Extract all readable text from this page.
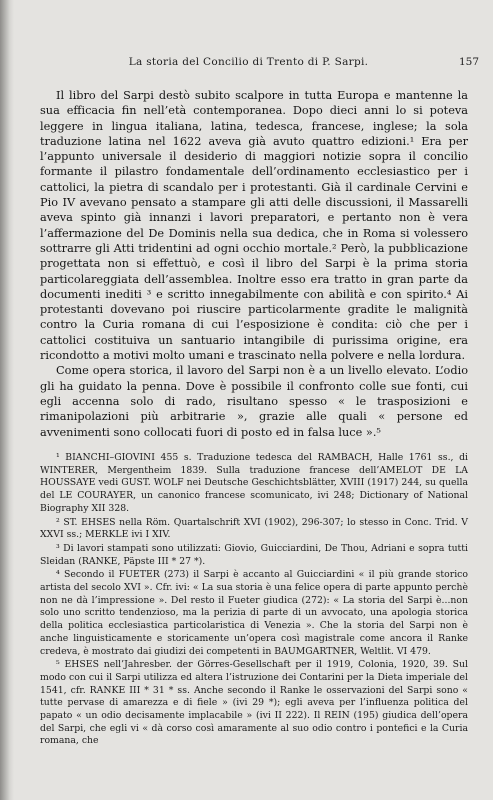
La storia del Concilio di Trento di P. Sarpi.	157

Il libro del Sarpi destò subito scalpore in tutta Europa e mantenne la sua efficacia fin nell’età contemporanea. Dopo dieci anni lo si poteva leggere in lingua italiana, latina, tedesca, francese, inglese; la sola traduzione latina nel 1622 aveva già avuto quattro edizioni.¹ Era per l’appunto universale il desiderio di maggiori notizie sopra il concilio formante il pilastro fondamentale dell’ordinamento ecclesiastico per i cattolici, la pietra di scandalo per i protestanti. Già il cardinale Cervini e Pio IV avevano pensato a stampare gli atti delle discussioni, il Massarelli aveva spinto già innanzi i lavori preparatori, e pertanto non è vera l’affermazione del De Dominis nella sua dedica, che in Roma si volessero sottrarre gli Atti tridentini ad ogni occhio mortale.² Però, la pubblicazione progettata non si effettuò, e così il libro del Sarpi è la prima storia particolareggiata dell’assemblea. Inoltre esso era tratto in gran parte da documenti inediti ³ e scritto innegabilmente con abilità e con spirito.⁴ Ai protestanti dovevano poi riuscire particolarmente gradite le malignità contro la Curia romana di cui l’esposizione è condita: ciò che per i cattolici costituiva un santuario intangibile di purissima origine, era ricondotto a motivi molto umani e trascinato nella polvere e nella lordura.

Come opera storica, il lavoro del Sarpi non è a un livello elevato. L’odio gli ha guidato la penna. Dove è possibile il confronto colle sue fonti, cui egli accenna solo di rado, risultano spesso « le trasposizioni e rimanipolazioni più arbitrarie », grazie alle quali « persone ed avvenimenti sono collocati fuori di posto ed in falsa luce ».⁵

¹ BIANCHI–GIOVINI 455 s. Traduzione tedesca del RAMBACH, Halle 1761 ss., di WINTERER, Mergentheim 1839. Sulla traduzione francese dell’AMELOT DE LA HOUSSAYE vedi GUST. WOLF nei Deutsche Geschichtsblätter, XVIII (1917) 244, su quella del LE COURAYER, un canonico francese scomunicato, ivi 248; Dictionary of National Biography XII 328.

² ST. EHSES nella Röm. Quartalschrift XVI (1902), 296-307; lo stesso in Conc. Trid. V XXVI ss.; MERKLE ivi I XIV.

³ Di lavori stampati sono utilizzati: Giovio, Guicciardini, De Thou, Adriani e sopra tutti Sleidan (RANKE, Päpste III * 27 *).

⁴ Secondo il FUETER (273) il Sarpi è accanto al Guicciardini « il più grande storico artista del secolo XVI ». Cfr. ivi: « La sua storia è una felice opera di parte appunto perchè non ne dà l’impressione ». Del resto il Fueter giudica (272): « La storia del Sarpi è...non solo uno scritto tendenzioso, ma la perizia di parte di un avvocato, una apologia storica della politica ecclesiastica particolaristica di Venezia ». Che la storia del Sarpi non è anche linguisticamente e storicamente un’opera così magistrale come ancora il Ranke credeva, è mostrato dai giudizi dei competenti in BAUMGARTNER, Weltlit. VI 479.

⁵ EHSES nell’Jahresber. der Görres-Gesellschaft per il 1919, Colonia, 1920, 39. Sul modo con cui il Sarpi utilizza ed altera l’istruzione dei Contarini per la Dieta imperiale del 1541, cfr. RANKE III * 31 * ss. Anche secondo il Ranke le osservazioni del Sarpi sono « tutte pervase di amarezza e di fiele » (ivi 29 *); egli aveva per l’influenza politica del papato « un odio decisamente implacabile » (ivi II 222). Il REIN (195) giudica dell’opera del Sarpi, che egli vi « dà corso così amaramente al suo odio contro i pontefici e la Curia romana, che
